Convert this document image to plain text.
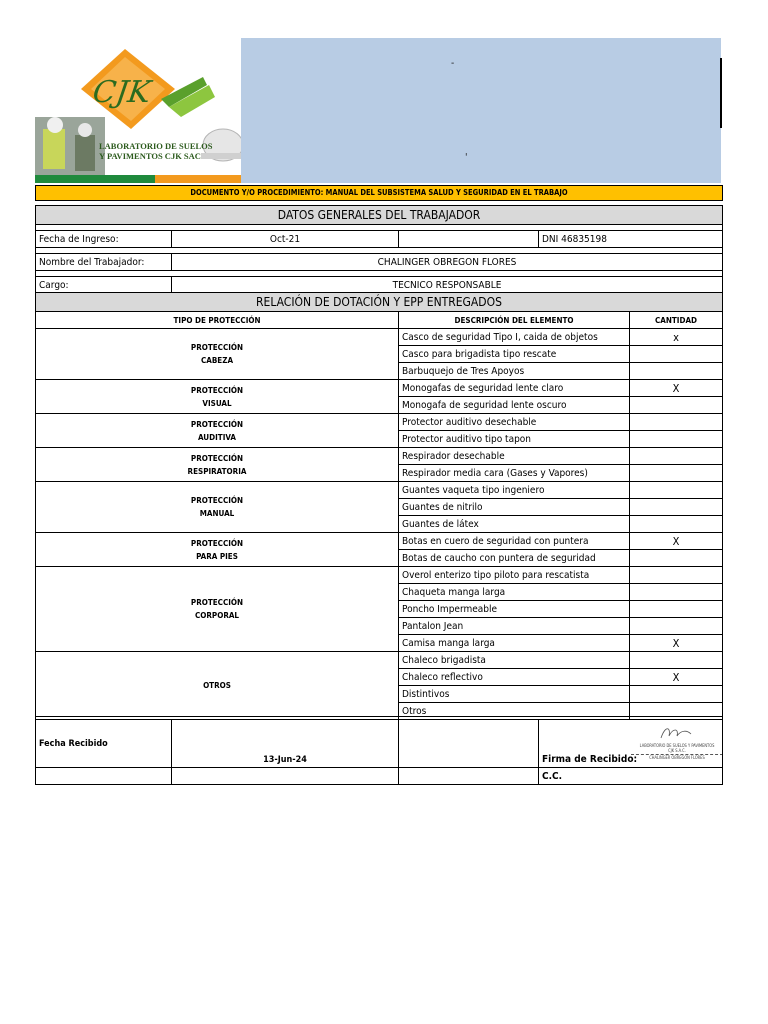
CJK
LABORATORIO DE SUELOS
Y PAVIMENTOS CJK SAC
-
'
DOCUMENTO Y/O PROCEDIMIENTO: MANUAL DEL SUBSISTEMA SALUD Y SEGURIDAD EN EL TRABAJO
DATOS GENERALES DEL TRABAJADOR			

Fecha de Ingreso:	Oct-21		DNI 46835198

Nombre del Trabajador:	CHALINGER OBREGON FLORES		

Cargo:	TECNICO RESPONSABLE		
RELACIÓN DE DOTACIÓN Y EPP ENTREGADOS		
TIPO DE PROTECCIÓN	DESCRIPCIÓN DEL ELEMENTO	CANTIDAD

PROTECCIÓN
CABEZA	Casco de seguridad Tipo I, caida de objetos	x
	Casco para brigadista tipo rescate	
	Barbuquejo de Tres Apoyos	

PROTECCIÓN
VISUAL	Monogafas de seguridad lente claro	X
	Monogafa de seguridad lente oscuro	

PROTECCIÓN
AUDITIVA	Protector auditivo desechable	
	Protector auditivo tipo tapon	

PROTECCIÓN
RESPIRATORIA	Respirador desechable	
	Respirador media cara (Gases y Vapores)	

PROTECCIÓN
MANUAL	Guantes vaqueta tipo ingeniero	
	Guantes de nitrilo	
	Guantes de látex	

PROTECCIÓN
PARA PIES	Botas en cuero de seguridad con puntera	X
	Botas de caucho con puntera de seguridad	

PROTECCIÓN
CORPORAL	Overol enterizo tipo piloto para rescatista	
	Chaqueta manga larga	
	Poncho Impermeable	
	Pantalon Jean	
	Camisa manga larga	X

OTROS	Chaleco brigadista	
	Chaleco reflectivo	X
	Distintivos	
	Otros	

Fecha Recibido	13-Jun-24		Firma de Recibido:
LABORATORIO DE SUELOS Y PAVIMENTOS
CJK S.A.C.
CHALINGER OBREGON FLORES

			C.C.
